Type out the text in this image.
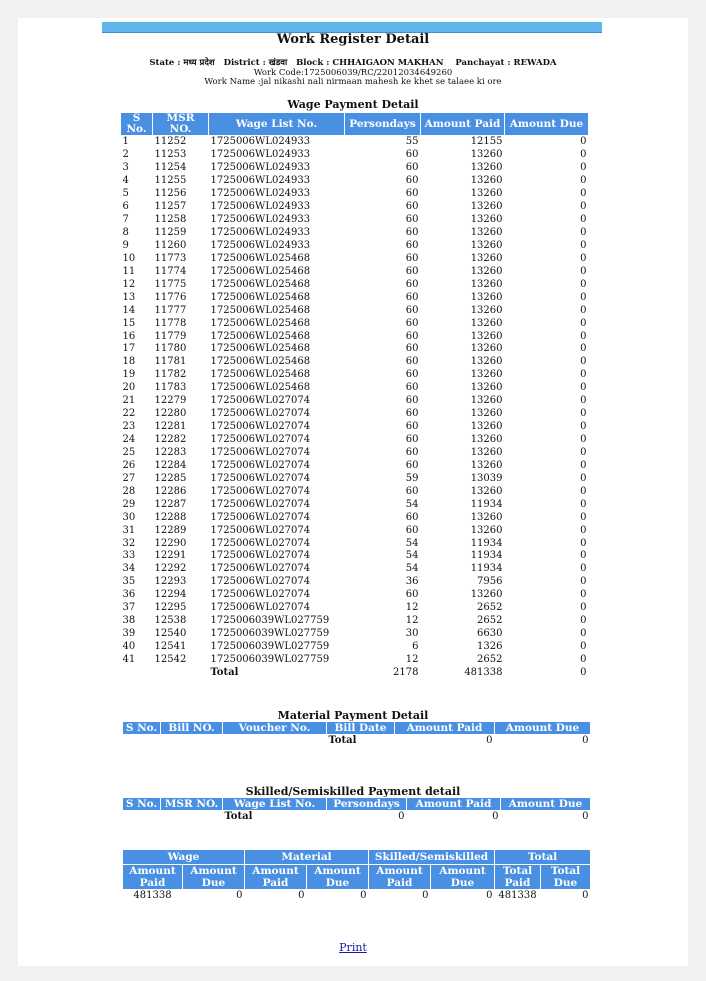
Work Register Detail
State : मध्य प्रदेश District : खंडवा Block : CHHAIGAON MAKHAN Panchayat : REWADA
Work Code:1725006039/RC/22012034649260
Work Name :jal nikashi nali nirmaan mahesh ke khet se talaee ki ore
Wage Payment Detail
S No.	MSR NO.	Wage List No.	Persondays	Amount Paid	Amount Due
1	11252	1725006WL024933	55	12155	0
2	11253	1725006WL024933	60	13260	0
3	11254	1725006WL024933	60	13260	0
4	11255	1725006WL024933	60	13260	0
5	11256	1725006WL024933	60	13260	0
6	11257	1725006WL024933	60	13260	0
7	11258	1725006WL024933	60	13260	0
8	11259	1725006WL024933	60	13260	0
9	11260	1725006WL024933	60	13260	0
10	11773	1725006WL025468	60	13260	0
11	11774	1725006WL025468	60	13260	0
12	11775	1725006WL025468	60	13260	0
13	11776	1725006WL025468	60	13260	0
14	11777	1725006WL025468	60	13260	0
15	11778	1725006WL025468	60	13260	0
16	11779	1725006WL025468	60	13260	0
17	11780	1725006WL025468	60	13260	0
18	11781	1725006WL025468	60	13260	0
19	11782	1725006WL025468	60	13260	0
20	11783	1725006WL025468	60	13260	0
21	12279	1725006WL027074	60	13260	0
22	12280	1725006WL027074	60	13260	0
23	12281	1725006WL027074	60	13260	0
24	12282	1725006WL027074	60	13260	0
25	12283	1725006WL027074	60	13260	0
26	12284	1725006WL027074	60	13260	0
27	12285	1725006WL027074	59	13039	0
28	12286	1725006WL027074	60	13260	0
29	12287	1725006WL027074	54	11934	0
30	12288	1725006WL027074	60	13260	0
31	12289	1725006WL027074	60	13260	0
32	12290	1725006WL027074	54	11934	0
33	12291	1725006WL027074	54	11934	0
34	12292	1725006WL027074	54	11934	0
35	12293	1725006WL027074	36	7956	0
36	12294	1725006WL027074	60	13260	0
37	12295	1725006WL027074	12	2652	0
38	12538	1725006039WL027759	12	2652	0
39	12540	1725006039WL027759	30	6630	0
40	12541	1725006039WL027759	6	1326	0
41	12542	1725006039WL027759	12	2652	0
		Total	2178	481338	0
Material Payment Detail
S No.	Bill NO.	Voucher No.	Bill Date	Amount Paid	Amount Due
			Total	0	0
Skilled/Semiskilled Payment detail
S No.	MSR NO.	Wage List No.	Persondays	Amount Paid	Amount Due
		Total	0	0	0
Wage		Material		Skilled/Semiskilled		Total	
Amount Paid	Amount Due	Amount Paid	Amount Due	Amount Paid	Amount Due	Total Paid	Total Due
481338	0	0	0	0	0	481338	0
Print
